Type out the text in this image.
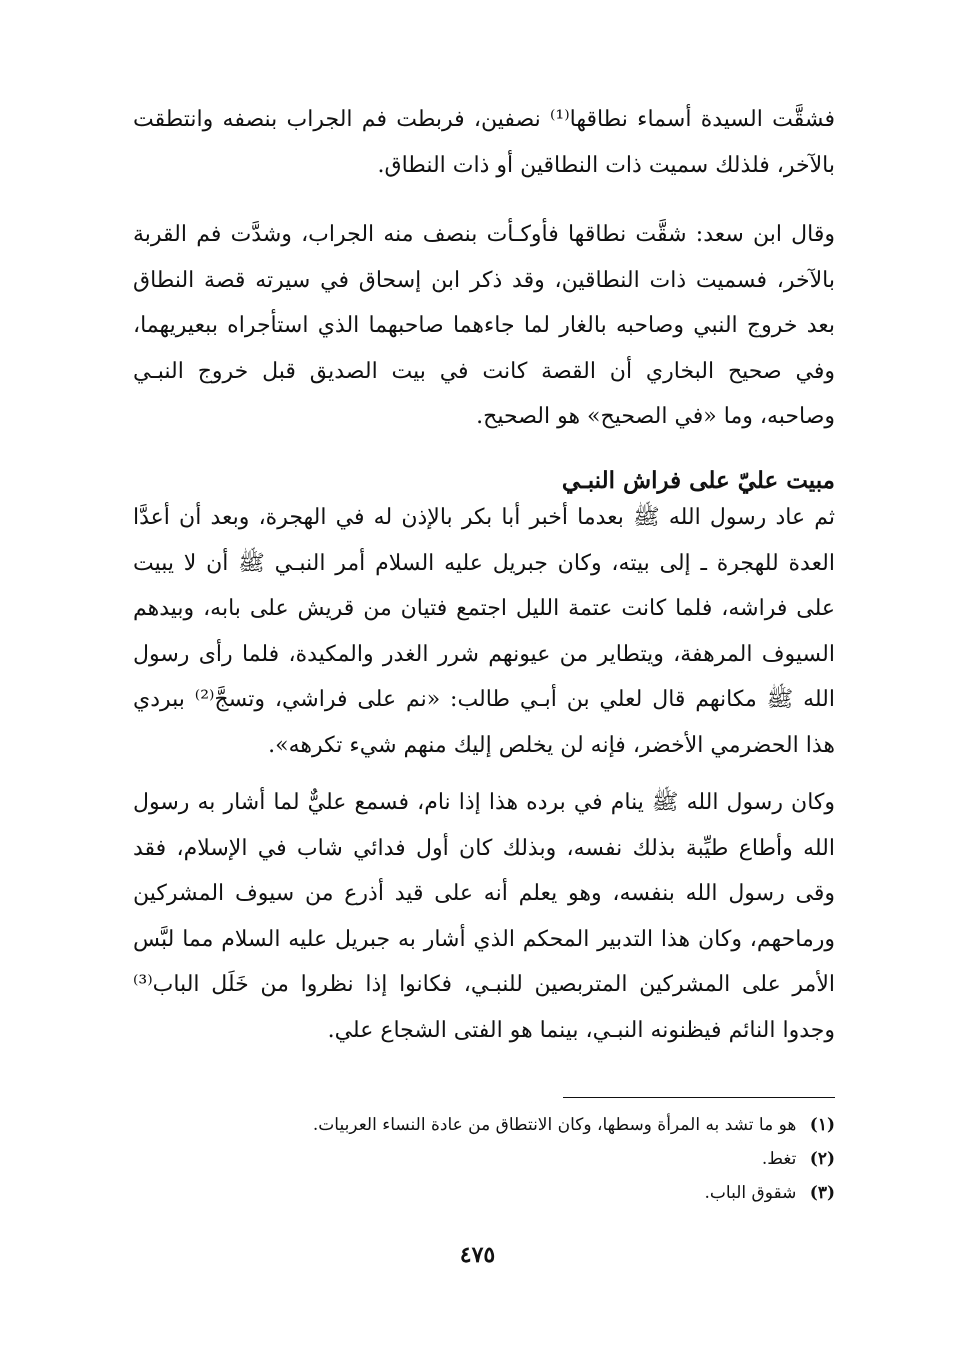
فشقَّت السيدة أسماء نطاقها⁽¹⁾ نصفين، فربطت فم الجراب بنصفه وانتطقت بالآخر، فلذلك سميت ذات النطاقين أو ذات النطاق.
وقال ابن سعد: شقَّت نطاقها فأوكـأت بنصف منه الجراب، وشدَّت فم القربة بالآخر، فسميت ذات النطاقين، وقد ذكر ابن إسحاق في سيرته قصة النطاق بعد خروج النبي وصاحبه بالغار لما جاءهما صاحبهما الذي استأجراه ببعيريهما، وفي صحيح البخاري أن القصة كانت في بيت الصديق قبل خروج النبـي وصاحبه، وما «في الصحيح» هو الصحيح.
مبيت عليّ على فراش النبـي
ثم عاد رسول الله ﷺ بعدما أخبر أبا بكر بالإذن له في الهجرة، وبعد أن أعدَّا العدة للهجرة ـ إلى بيته، وكان جبريل عليه السلام أمر النبـي ﷺ أن لا يبيت على فراشه، فلما كانت عتمة الليل اجتمع فتيان من قريش على بابه، وبيدهم السيوف المرهفة، ويتطاير من عيونهم شرر الغدر والمكيدة، فلما رأى رسول الله ﷺ مكانهم قال لعلي بن أبـي طالب: «نم على فراشي، وتسجَّ⁽²⁾ ببردي هذا الحضرمي الأخضر، فإنه لن يخلص إليك منهم شيء تكرهه».
وكان رسول الله ﷺ ينام في برده هذا إذا نام، فسمع عليٌّ لما أشار به رسول الله وأطاع طيِّبة بذلك نفسه، وبذلك كان أول فدائي شاب في الإسلام، فقد وقى رسول الله بنفسه، وهو يعلم أنه على قيد أذرع من سيوف المشركين ورماحهم، وكان هذا التدبير المحكم الذي أشار به جبريل عليه السلام مما لبَّس الأمر على المشركين المتربصين للنبـي، فكانوا إذا نظروا من خَلَل الباب⁽³⁾ وجدوا النائم فيظنونه النبـي، بينما هو الفتى الشجاع علي.
(١) هو ما تشد به المرأة وسطها، وكان الانتطاق من عادة النساء العربيات.
(٢) تغط.
(٣) شقوق الباب.
٤٧٥
